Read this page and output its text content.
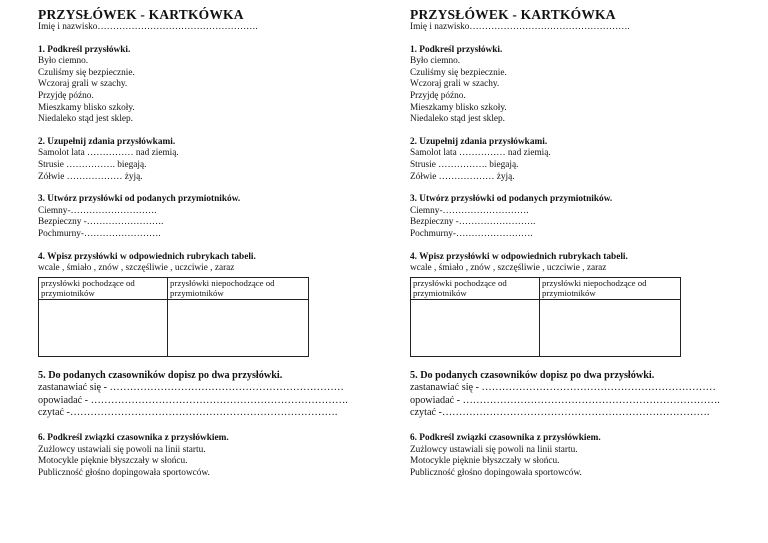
PRZYSŁÓWEK - KARTKÓWKA
Imię i nazwisko…………………………………………….
1. Podkreśl przysłówki.
Było ciemno.
Czuliśmy się bezpiecznie.
Wczoraj grali w szachy.
Przyjdę późno.
Mieszkamy blisko szkoły.
Niedaleko stąd jest sklep.
2. Uzupełnij zdania przysłówkami.
Samolot lata …………… nad ziemią.
Strusie ……………. biegają.
Żółwie ……………… żyją.
3. Utwórz przysłówki od podanych przymiotników.
Ciemny-……………………….
Bezpieczny -…………………….
Pochmurny-…………………….
4. Wpisz przysłówki w odpowiednich rubrykach tabeli.
wcale , śmiało , znów , szczęśliwie , uczciwie , zaraz
przysłówki pochodzące od przymiotników	przysłówki niepochodzące od przymiotników

5. Do podanych czasowników dopisz po dwa przysłówki.
zastanawiać się - ……………………………………………………………
opowiadać - ………………………………………………………………….
czytać -…………………………………………………………………….
6. Podkreśl związki czasownika z przysłówkiem.
Żużlowcy ustawiali się powoli na linii startu.
Motocykle pięknie błyszczały w słońcu.
Publiczność głośno dopingowała sportowców.
PRZYSŁÓWEK - KARTKÓWKA
Imię i nazwisko…………………………………………….
1. Podkreśl przysłówki.
Było ciemno.
Czuliśmy się bezpiecznie.
Wczoraj grali w szachy.
Przyjdę późno.
Mieszkamy blisko szkoły.
Niedaleko stąd jest sklep.
2. Uzupełnij zdania przysłówkami.
Samolot lata …………… nad ziemią.
Strusie ……………. biegają.
Żółwie ……………… żyją.
3. Utwórz przysłówki od podanych przymiotników.
Ciemny-……………………….
Bezpieczny -…………………….
Pochmurny-…………………….
4. Wpisz przysłówki w odpowiednich rubrykach tabeli.
wcale , śmiało , znów , szczęśliwie , uczciwie , zaraz
przysłówki pochodzące od przymiotników	przysłówki niepochodzące od przymiotników

5. Do podanych czasowników dopisz po dwa przysłówki.
zastanawiać się - ……………………………………………………………
opowiadać - ………………………………………………………………….
czytać -…………………………………………………………………….
6. Podkreśl związki czasownika z przysłówkiem.
Żużlowcy ustawiali się powoli na linii startu.
Motocykle pięknie błyszczały w słońcu.
Publiczność głośno dopingowała sportowców.
